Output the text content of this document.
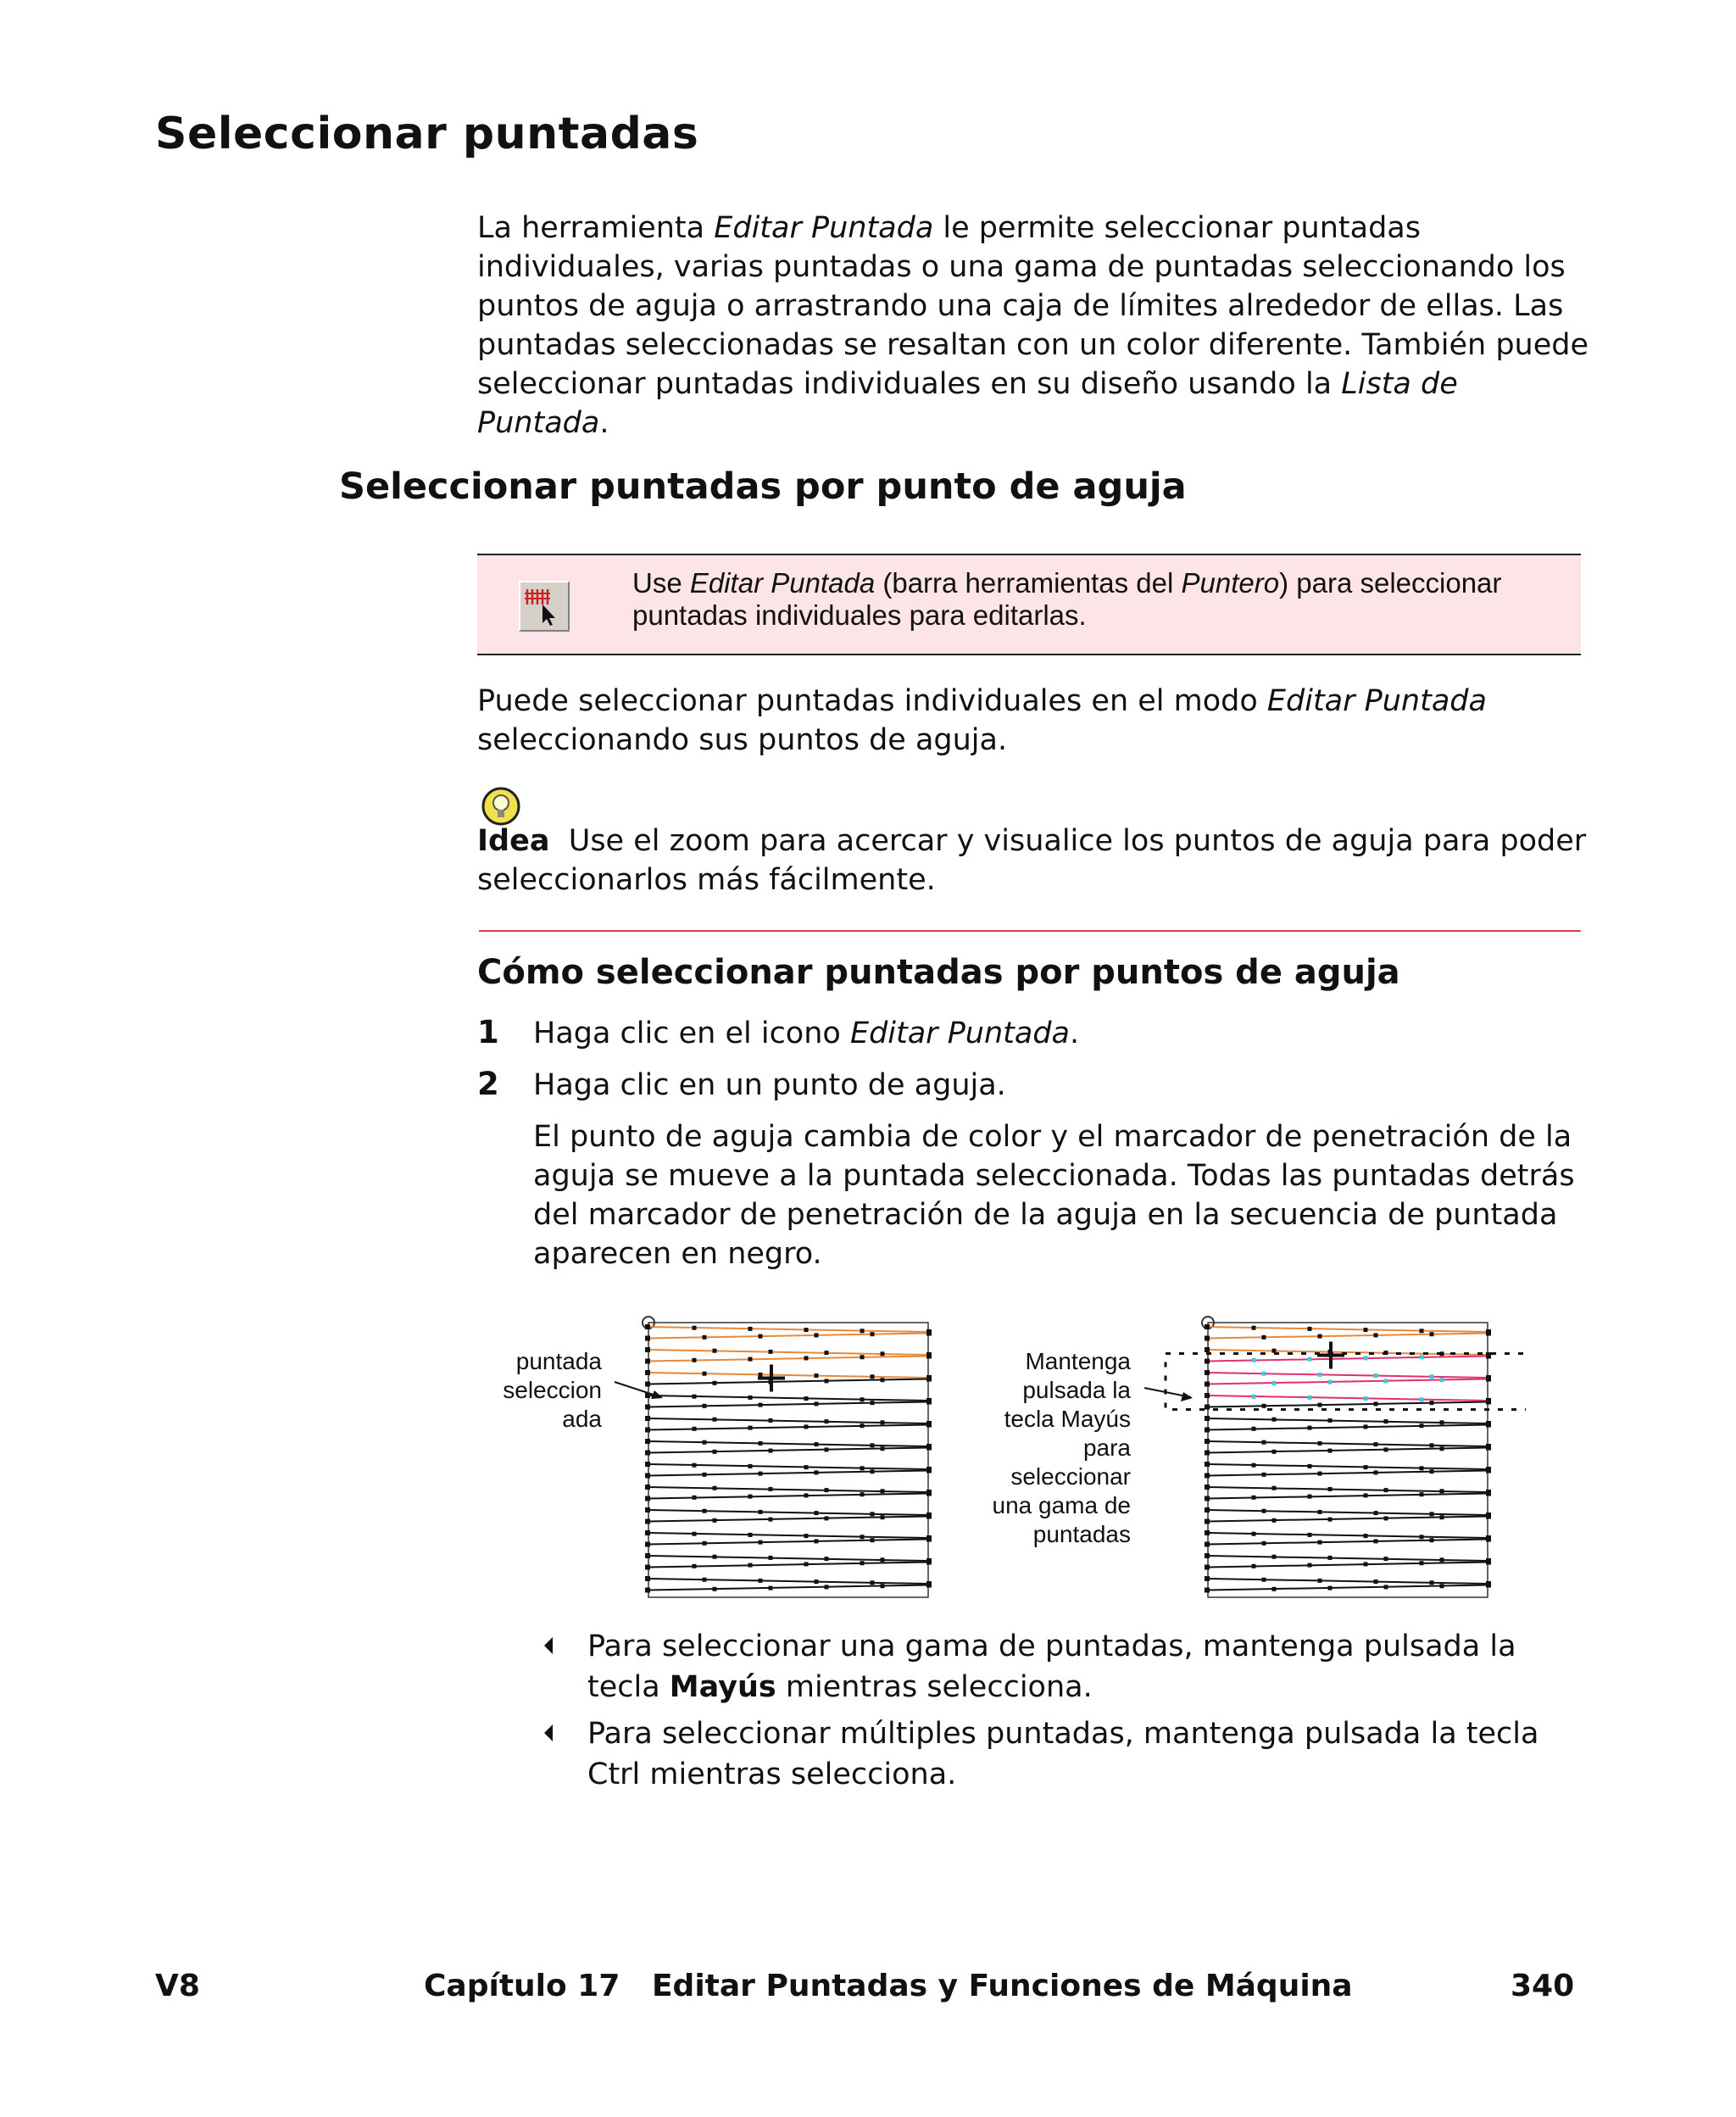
Seleccionar puntadas

La herramienta Editar Puntada le permite seleccionar puntadas individuales, varias puntadas o una gama de puntadas seleccionando los puntos de aguja o arrastrando una caja de límites alrededor de ellas. Las puntadas seleccionadas se resaltan con un color diferente. También puede seleccionar puntadas individuales en su diseño usando la Lista de Puntada.

Seleccionar puntadas por punto de aguja
Use Editar Puntada (barra herramientas del Puntero) para seleccionar puntadas individuales para editarlas.

Puede seleccionar puntadas individuales en el modo Editar Puntada seleccionando sus puntos de aguja.

Idea Use el zoom para acercar y visualice los puntos de aguja para poder seleccionarlos más fácilmente.

Cómo seleccionar puntadas por puntos de aguja
1 Haga clic en el icono Editar Puntada.

2 Haga clic en un punto de aguja.

El punto de aguja cambia de color y el marcador de penetración de la aguja se mueve a la puntada seleccionada. Todas las puntadas detrás del marcador de penetración de la aguja en la secuencia de puntada aparecen en negro.

puntada
seleccion
ada
Mantenga
pulsada la
tecla Mayús
para
seleccionar
una gama de
puntadas

Para seleccionar una gama de puntadas, mantenga pulsada la tecla Mayús mientras selecciona.

Para seleccionar múltiples puntadas, mantenga pulsada la tecla Ctrl mientras selecciona.

V8	Capítulo 17   Editar Puntadas y Funciones de Máquina	340
